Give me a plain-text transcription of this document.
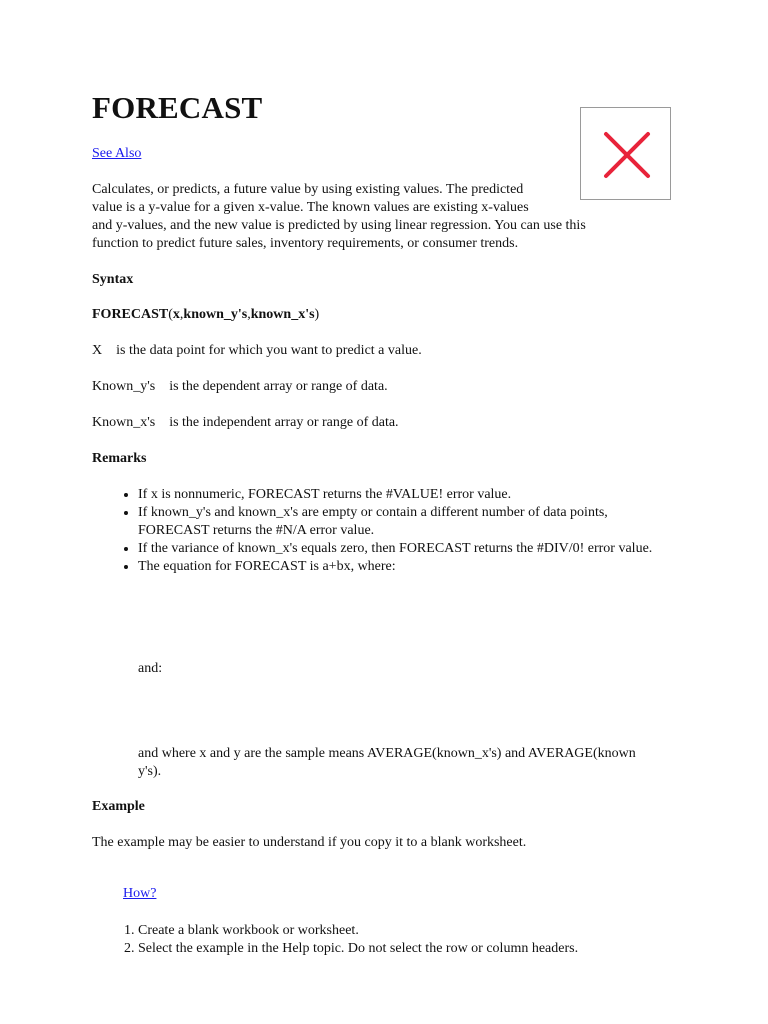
FORECAST
See Also

Calculates, or predicts, a future value by using existing values. The predicted
value is a y-value for a given x-value. The known values are existing x-values

and y-values, and the new value is predicted by using linear regression. You can use this
function to predict future sales, inventory requirements, or consumer trends.

Syntax

FORECAST(x,known_y's,known_x's)

X is the data point for which you want to predict a value.

Known_y's is the dependent array or range of data.

Known_x's is the independent array or range of data.

Remarks

• If x is nonnumeric, FORECAST returns the #VALUE! error value.
• If known_y's and known_x's are empty or contain a different number of data points, FORECAST returns the #N/A error value.
• If the variance of known_x's equals zero, then FORECAST returns the #DIV/0! error value.
• The equation for FORECAST is a+bx, where:

and:

and where x and y are the sample means AVERAGE(known_x's) and AVERAGE(known y's).

Example

The example may be easier to understand if you copy it to a blank worksheet.

How?
1. Create a blank workbook or worksheet.
2. Select the example in the Help topic. Do not select the row or column headers.
